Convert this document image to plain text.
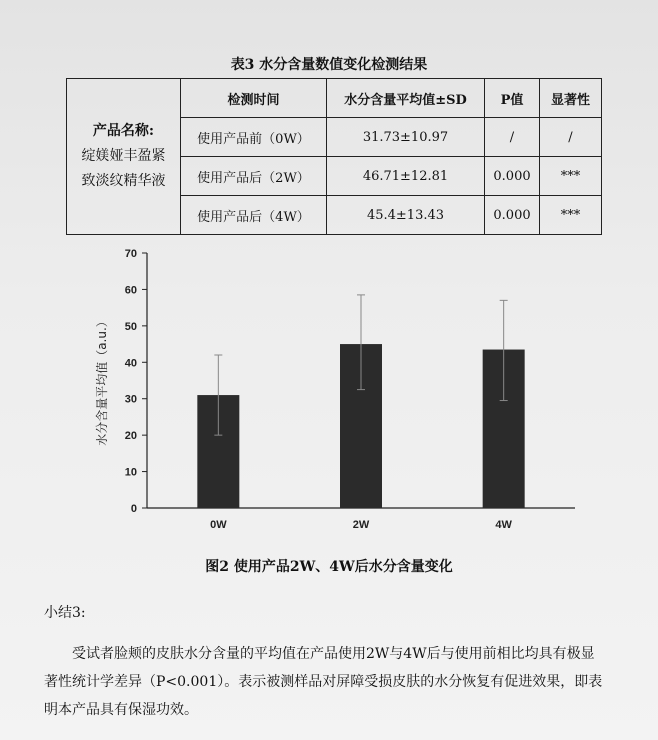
表3 水分含量数值变化检测结果
产品名称:
绽媄娅丰盈紧
致淡纹精华液	检测时间	水分含量平均值±SD	P值	显著性
	使用产品前（0W）	31.73±10.97	/	/
	使用产品后（2W）	46.71±12.81	0.000	***
	使用产品后（4W）	45.4±13.43	0.000	***
0
10
20
30
40
50
60
70
水分含量平均值（a.u.）
0W	2W	4W
图2 使用产品2W、4W后水分含量变化
小结3:
受试者脸颊的皮肤水分含量的平均值在产品使用2W与4W后与使用前相比均具有极显著性统计学差异（P<0.001）。表示被测样品对屏障受损皮肤的水分恢复有促进效果，即表明本产品具有保湿功效。
